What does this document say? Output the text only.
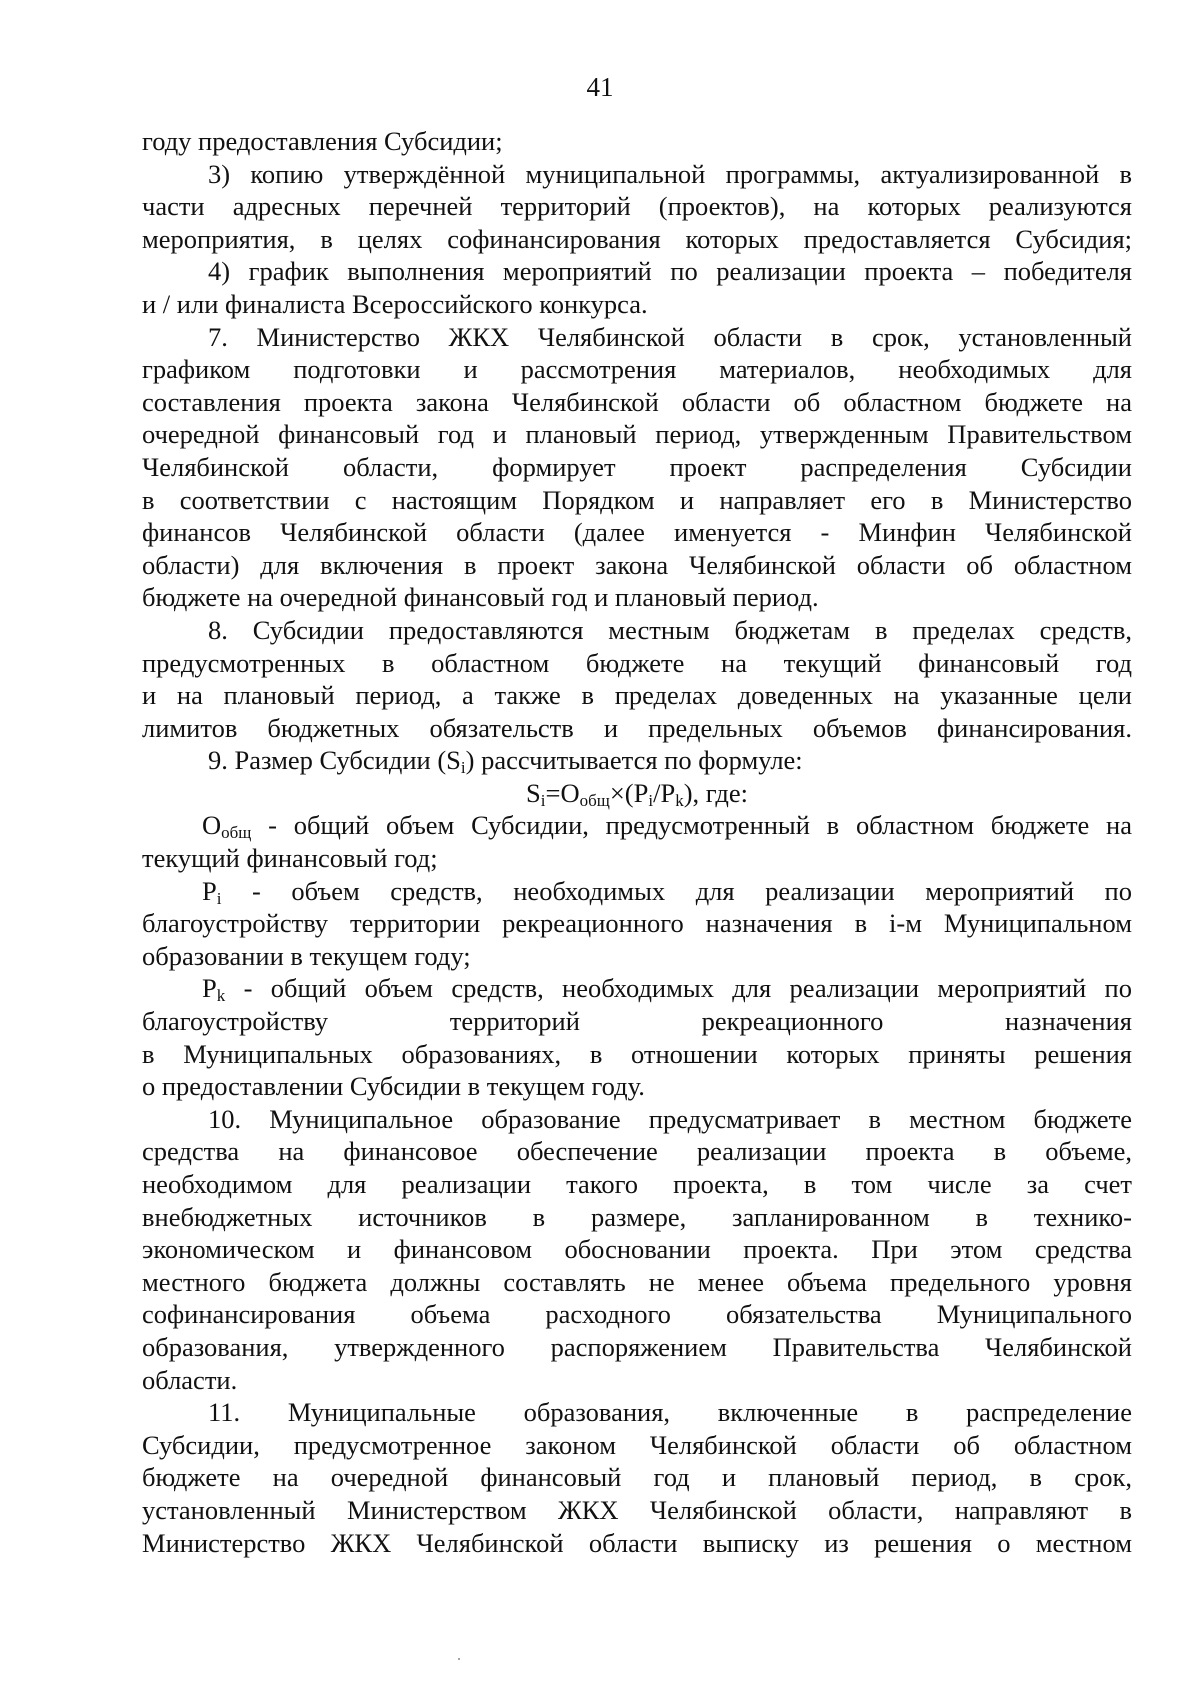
41
году предоставления Субсидии;
3) копию утверждённой муниципальной программы, актуализированной в
части адресных перечней территорий (проектов), на которых реализуются
мероприятия, в целях софинансирования которых предоставляется Субсидия;
4) график выполнения мероприятий по реализации проекта – победителя
и / или финалиста Всероссийского конкурса.
7. Министерство ЖКХ Челябинской области в срок, установленный
графиком подготовки и рассмотрения материалов, необходимых для
составления проекта закона Челябинской области об областном бюджете на
очередной финансовый год и плановый период, утвержденным Правительством
Челябинской области, формирует проект распределения Субсидии
в соответствии с настоящим Порядком и направляет его в Министерство
финансов Челябинской области (далее именуется - Минфин Челябинской
области) для включения в проект закона Челябинской области об областном
бюджете на очередной финансовый год и плановый период.
8. Субсидии предоставляются местным бюджетам в пределах средств,
предусмотренных в областном бюджете на текущий финансовый год
и на плановый период, а также в пределах доведенных на указанные цели
лимитов бюджетных обязательств и предельных объемов финансирования.
9. Размер Субсидии $(S_i)$ рассчитывается по формуле:
$S_i=O_{общ}\times(P_i/P_k)$, где:
$O_{общ}$ - общий объем Субсидии, предусмотренный в областном бюджете на
текущий финансовый год;
$P_i$ - объем средств, необходимых для реализации мероприятий по
благоустройству территории рекреационного назначения в i-м Муниципальном
образовании в текущем году;
$P_k$ - общий объем средств, необходимых для реализации мероприятий по
благоустройству территорий рекреационного назначения
в Муниципальных образованиях, в отношении которых приняты решения
о предоставлении Субсидии в текущем году.
10. Муниципальное образование предусматривает в местном бюджете
средства на финансовое обеспечение реализации проекта в объеме,
необходимом для реализации такого проекта, в том числе за счет
внебюджетных источников в размере, запланированном в технико-
экономическом и финансовом обосновании проекта. При этом средства
местного бюджета должны составлять не менее объема предельного уровня
софинансирования объема расходного обязательства Муниципального
образования, утвержденного распоряжением Правительства Челябинской
области.
11. Муниципальные образования, включенные в распределение
Субсидии, предусмотренное законом Челябинской области об областном
бюджете на очередной финансовый год и плановый период, в срок,
установленный Министерством ЖКХ Челябинской области, направляют в
Министерство ЖКХ Челябинской области выписку из решения о местном
